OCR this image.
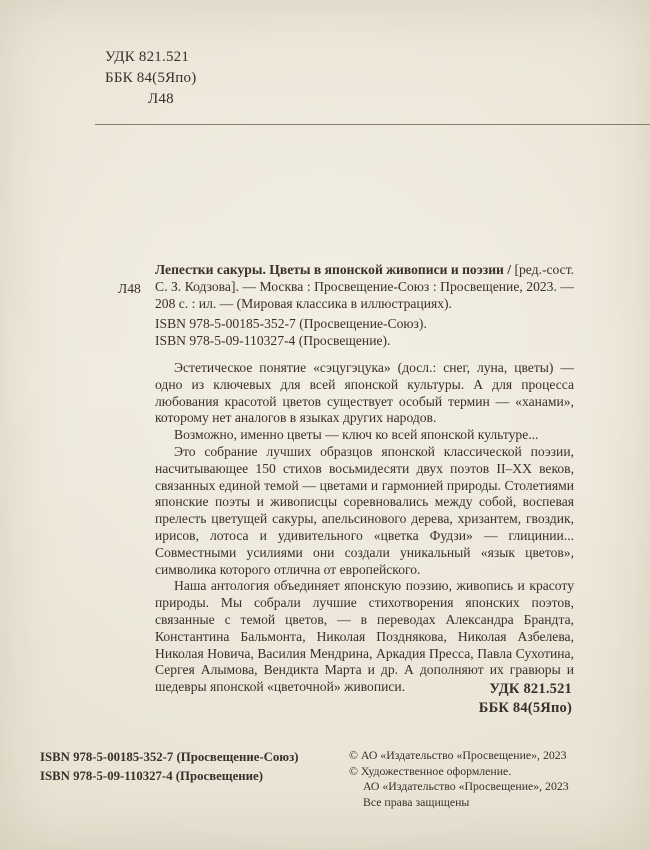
УДК 821.521
ББК 84(5Япо)
Л48
Л48

Лепестки сакуры. Цветы в японской живописи и поэзии / [ред.-сост. С. З. Кодзова]. — Москва : Просвещение-Союз : Просвещение, 2023. — 208 с. : ил. — (Мировая классика в иллюстрациях).

ISBN 978-5-00185-352-7 (Просвещение-Союз).
ISBN 978-5-09-110327-4 (Просвещение).

Эстетическое понятие «сэцугэцука» (досл.: снег, луна, цветы) — одно из ключевых для всей японской культуры. А для процесса любования красотой цветов существует особый термин — «ханами», которому нет аналогов в языках других народов.

Возможно, именно цветы — ключ ко всей японской культуре...

Это собрание лучших образцов японской классической поэзии, насчитывающее 150 стихов восьмидесяти двух поэтов II–XX веков, связанных единой темой — цветами и гармонией природы. Столетиями японские поэты и живописцы соревновались между собой, воспевая прелесть цветущей сакуры, апельсинового дерева, хризантем, гвоздик, ирисов, лотоса и удивительного «цветка Фудзи» — глицинии... Совместными усилиями они создали уникальный «язык цветов», символика которого отлична от европейского.

Наша антология объединяет японскую поэзию, живопись и красоту природы. Мы собрали лучшие стихотворения японских поэтов, связанные с темой цветов, — в переводах Александра Брандта, Константина Бальмонта, Николая Позднякова, Николая Азбелева, Николая Новича, Василия Мендрина, Аркадия Пресса, Павла Сухотина, Сергея Алымова, Вендикта Марта и др. А дополняют их гравюры и шедевры японской «цветочной» живописи.	УДК 821.521
ББК 84(5Япо)
ISBN 978-5-00185-352-7 (Просвещение-Союз)
ISBN 978-5-09-110327-4 (Просвещение)
© АО «Издательство «Просвещение», 2023
© Художественное оформление.
АО «Издательство «Просвещение», 2023
Все права защищены
